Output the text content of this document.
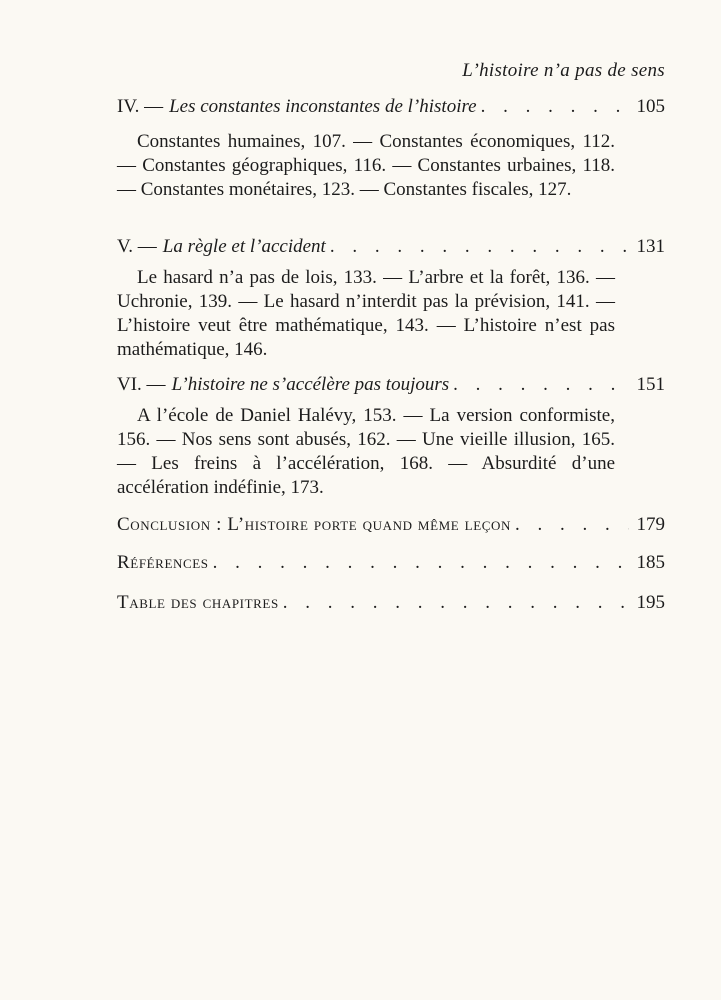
L’histoire n’a pas de sens
IV. — Les constantes inconstantes de l’histoire . . .	105
Constantes humaines, 107. — Constantes économiques, 112. — Constantes géographiques, 116. — Constantes urbaines, 118. — Constantes monétaires, 123. — Constantes fiscales, 127.
V. — La règle et l’accident . . .	131
Le hasard n’a pas de lois, 133. — L’arbre et la forêt, 136. — Uchronie, 139. — Le hasard n’interdit pas la prévision, 141. — L’histoire veut être mathématique, 143. — L’histoire n’est pas mathématique, 146.
VI. — L’histoire ne s’accélère pas toujours . . .	151
A l’école de Daniel Halévy, 153. — La version conformiste, 156. — Nos sens sont abusés, 162. — Une vieille illusion, 165. — Les freins à l’accélération, 168. — Absurdité d’une accélération indéfinie, 173.
Conclusion : L’histoire porte quand même leçon . . .	179
Références . . .	185
Table des chapitres . . .	195
